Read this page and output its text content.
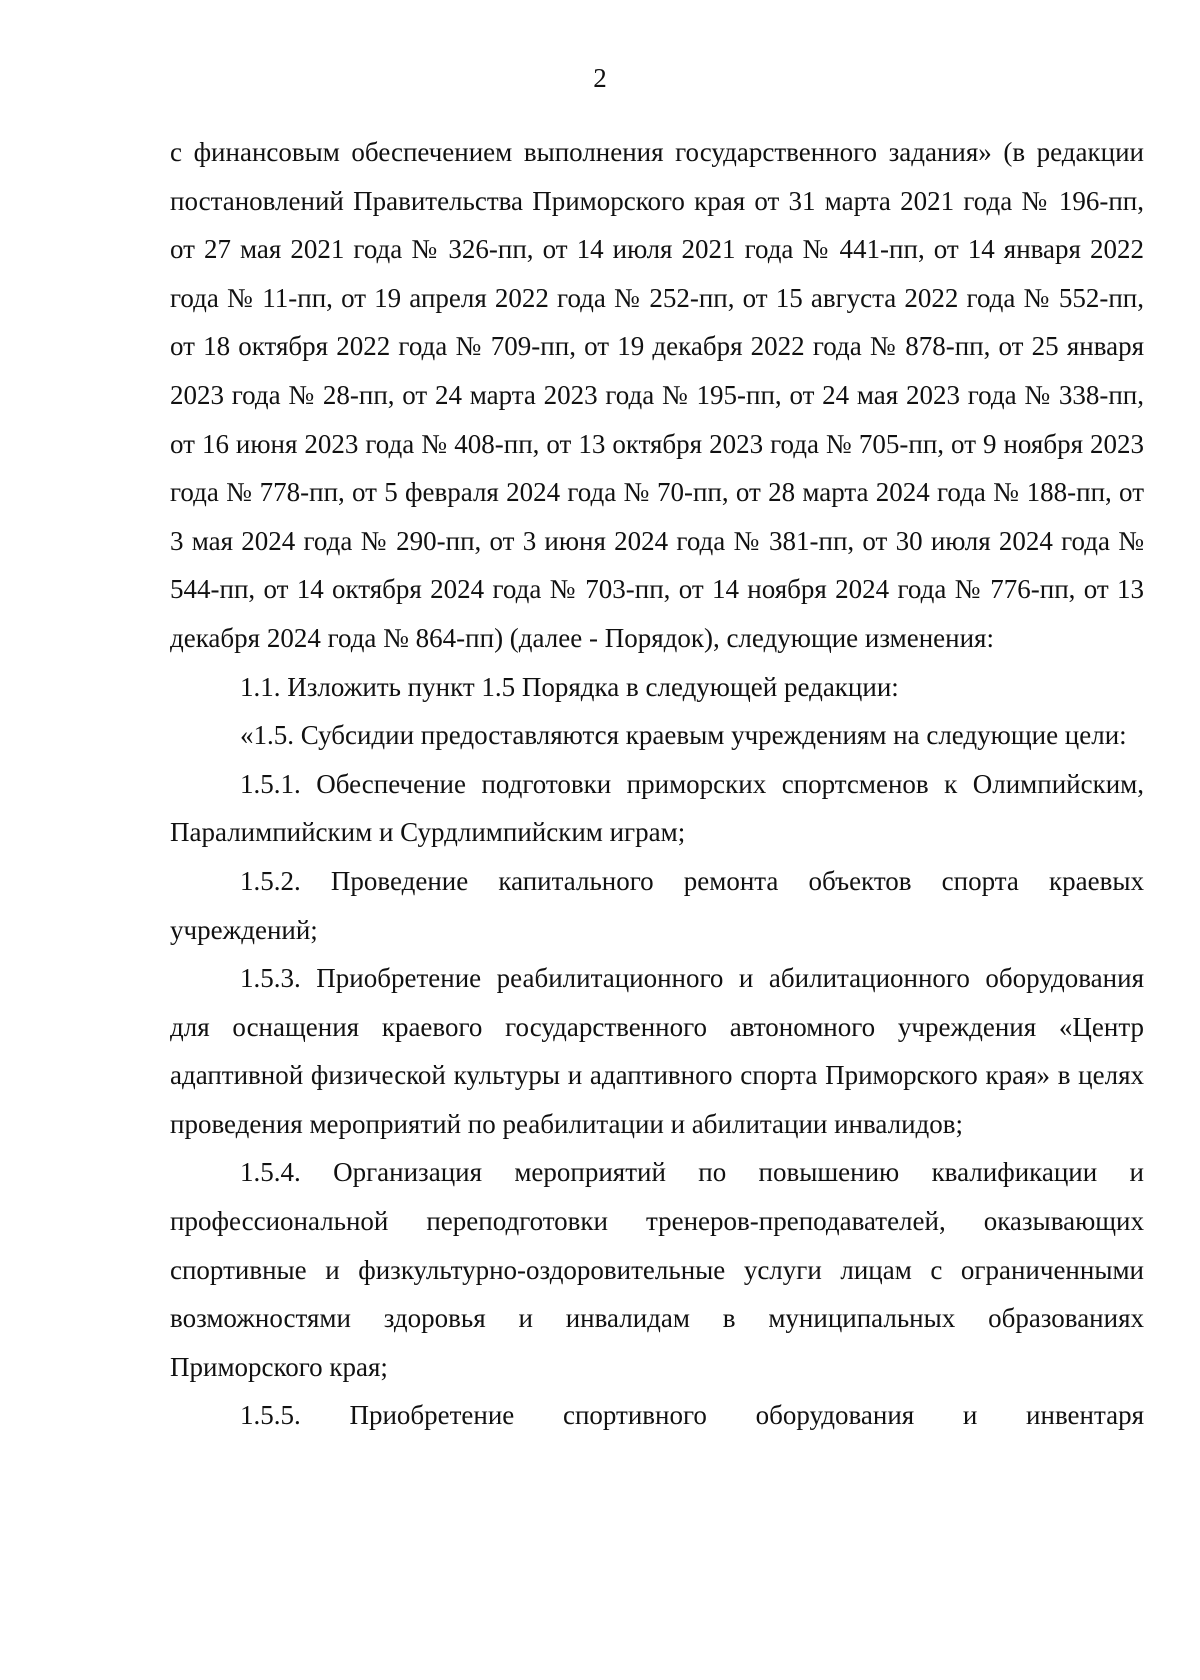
2

с финансовым обеспечением выполнения государственного задания» (в редакции постановлений Правительства Приморского края от 31 марта 2021 года № 196-пп, от 27 мая 2021 года № 326-пп, от 14 июля 2021 года № 441-пп, от 14 января 2022 года № 11-пп, от 19 апреля 2022 года № 252-пп, от 15 августа 2022 года № 552-пп, от 18 октября 2022 года № 709-пп, от 19 декабря 2022 года № 878-пп, от 25 января 2023 года № 28-пп, от 24 марта 2023 года № 195-пп, от 24 мая 2023 года № 338-пп, от 16 июня 2023 года № 408-пп, от 13 октября 2023 года № 705-пп, от 9 ноября 2023 года № 778-пп, от 5 февраля 2024 года № 70-пп, от 28 марта 2024 года № 188-пп, от 3 мая 2024 года № 290-пп, от 3 июня 2024 года № 381-пп, от 30 июля 2024 года № 544-пп, от 14 октября 2024 года № 703-пп, от 14 ноября 2024 года № 776-пп, от 13 декабря 2024 года № 864-пп) (далее - Порядок), следующие изменения:

1.1. Изложить пункт 1.5 Порядка в следующей редакции:

«1.5. Субсидии предоставляются краевым учреждениям на следующие цели:

1.5.1. Обеспечение подготовки приморских спортсменов к Олимпийским, Паралимпийским и Сурдлимпийским играм;

1.5.2. Проведение капитального ремонта объектов спорта краевых учреждений;

1.5.3. Приобретение реабилитационного и абилитационного оборудования для оснащения краевого государственного автономного учреждения «Центр адаптивной физической культуры и адаптивного спорта Приморского края» в целях проведения мероприятий по реабилитации и абилитации инвалидов;

1.5.4. Организация мероприятий по повышению квалификации и профессиональной переподготовки тренеров-преподавателей, оказывающих спортивные и физкультурно-оздоровительные услуги лицам с ограниченными возможностями здоровья и инвалидам в муниципальных образованиях Приморского края;

1.5.5. Приобретение спортивного оборудования и инвентаря
